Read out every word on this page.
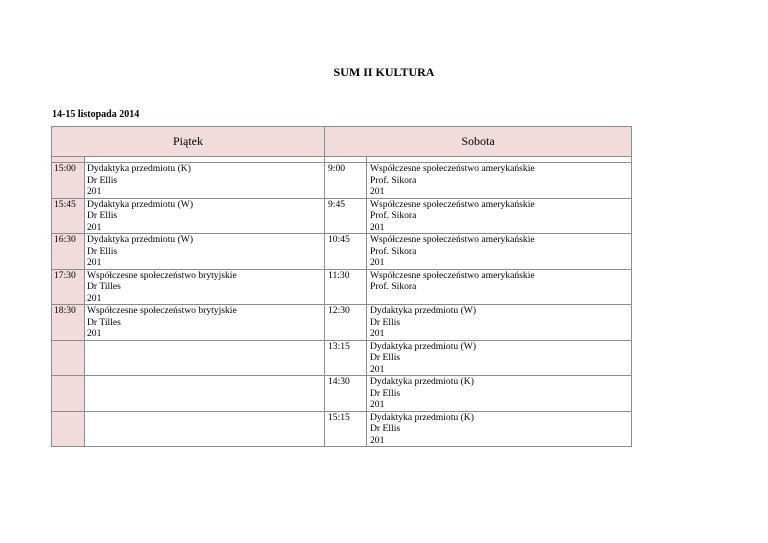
SUM II KULTURA
14-15 listopada 2014
Piątek		Sobota	

15:00	Dydaktyka przedmiotu (K)
Dr Ellis
201	9:00	Współczesne społeczeństwo amerykańskie
Prof. Sikora
201

15:45	Dydaktyka przedmiotu (W)
Dr Ellis
201	9:45	Współczesne społeczeństwo amerykańskie
Prof. Sikora
201

16:30	Dydaktyka przedmiotu (W)
Dr Ellis
201	10:45	Współczesne społeczeństwo amerykańskie
Prof. Sikora
201

17:30	Współczesne społeczeństwo brytyjskie
Dr Tilles
201	11:30	Współczesne społeczeństwo amerykańskie
Prof. Sikora

18:30	Współczesne społeczeństwo brytyjskie
Dr Tilles
201	12:30	Dydaktyka przedmiotu (W)
Dr Ellis
201

		13:15	Dydaktyka przedmiotu (W)
Dr Ellis
201

		14:30	Dydaktyka przedmiotu (K)
Dr Ellis
201

		15:15	Dydaktyka przedmiotu (K)
Dr Ellis
201
